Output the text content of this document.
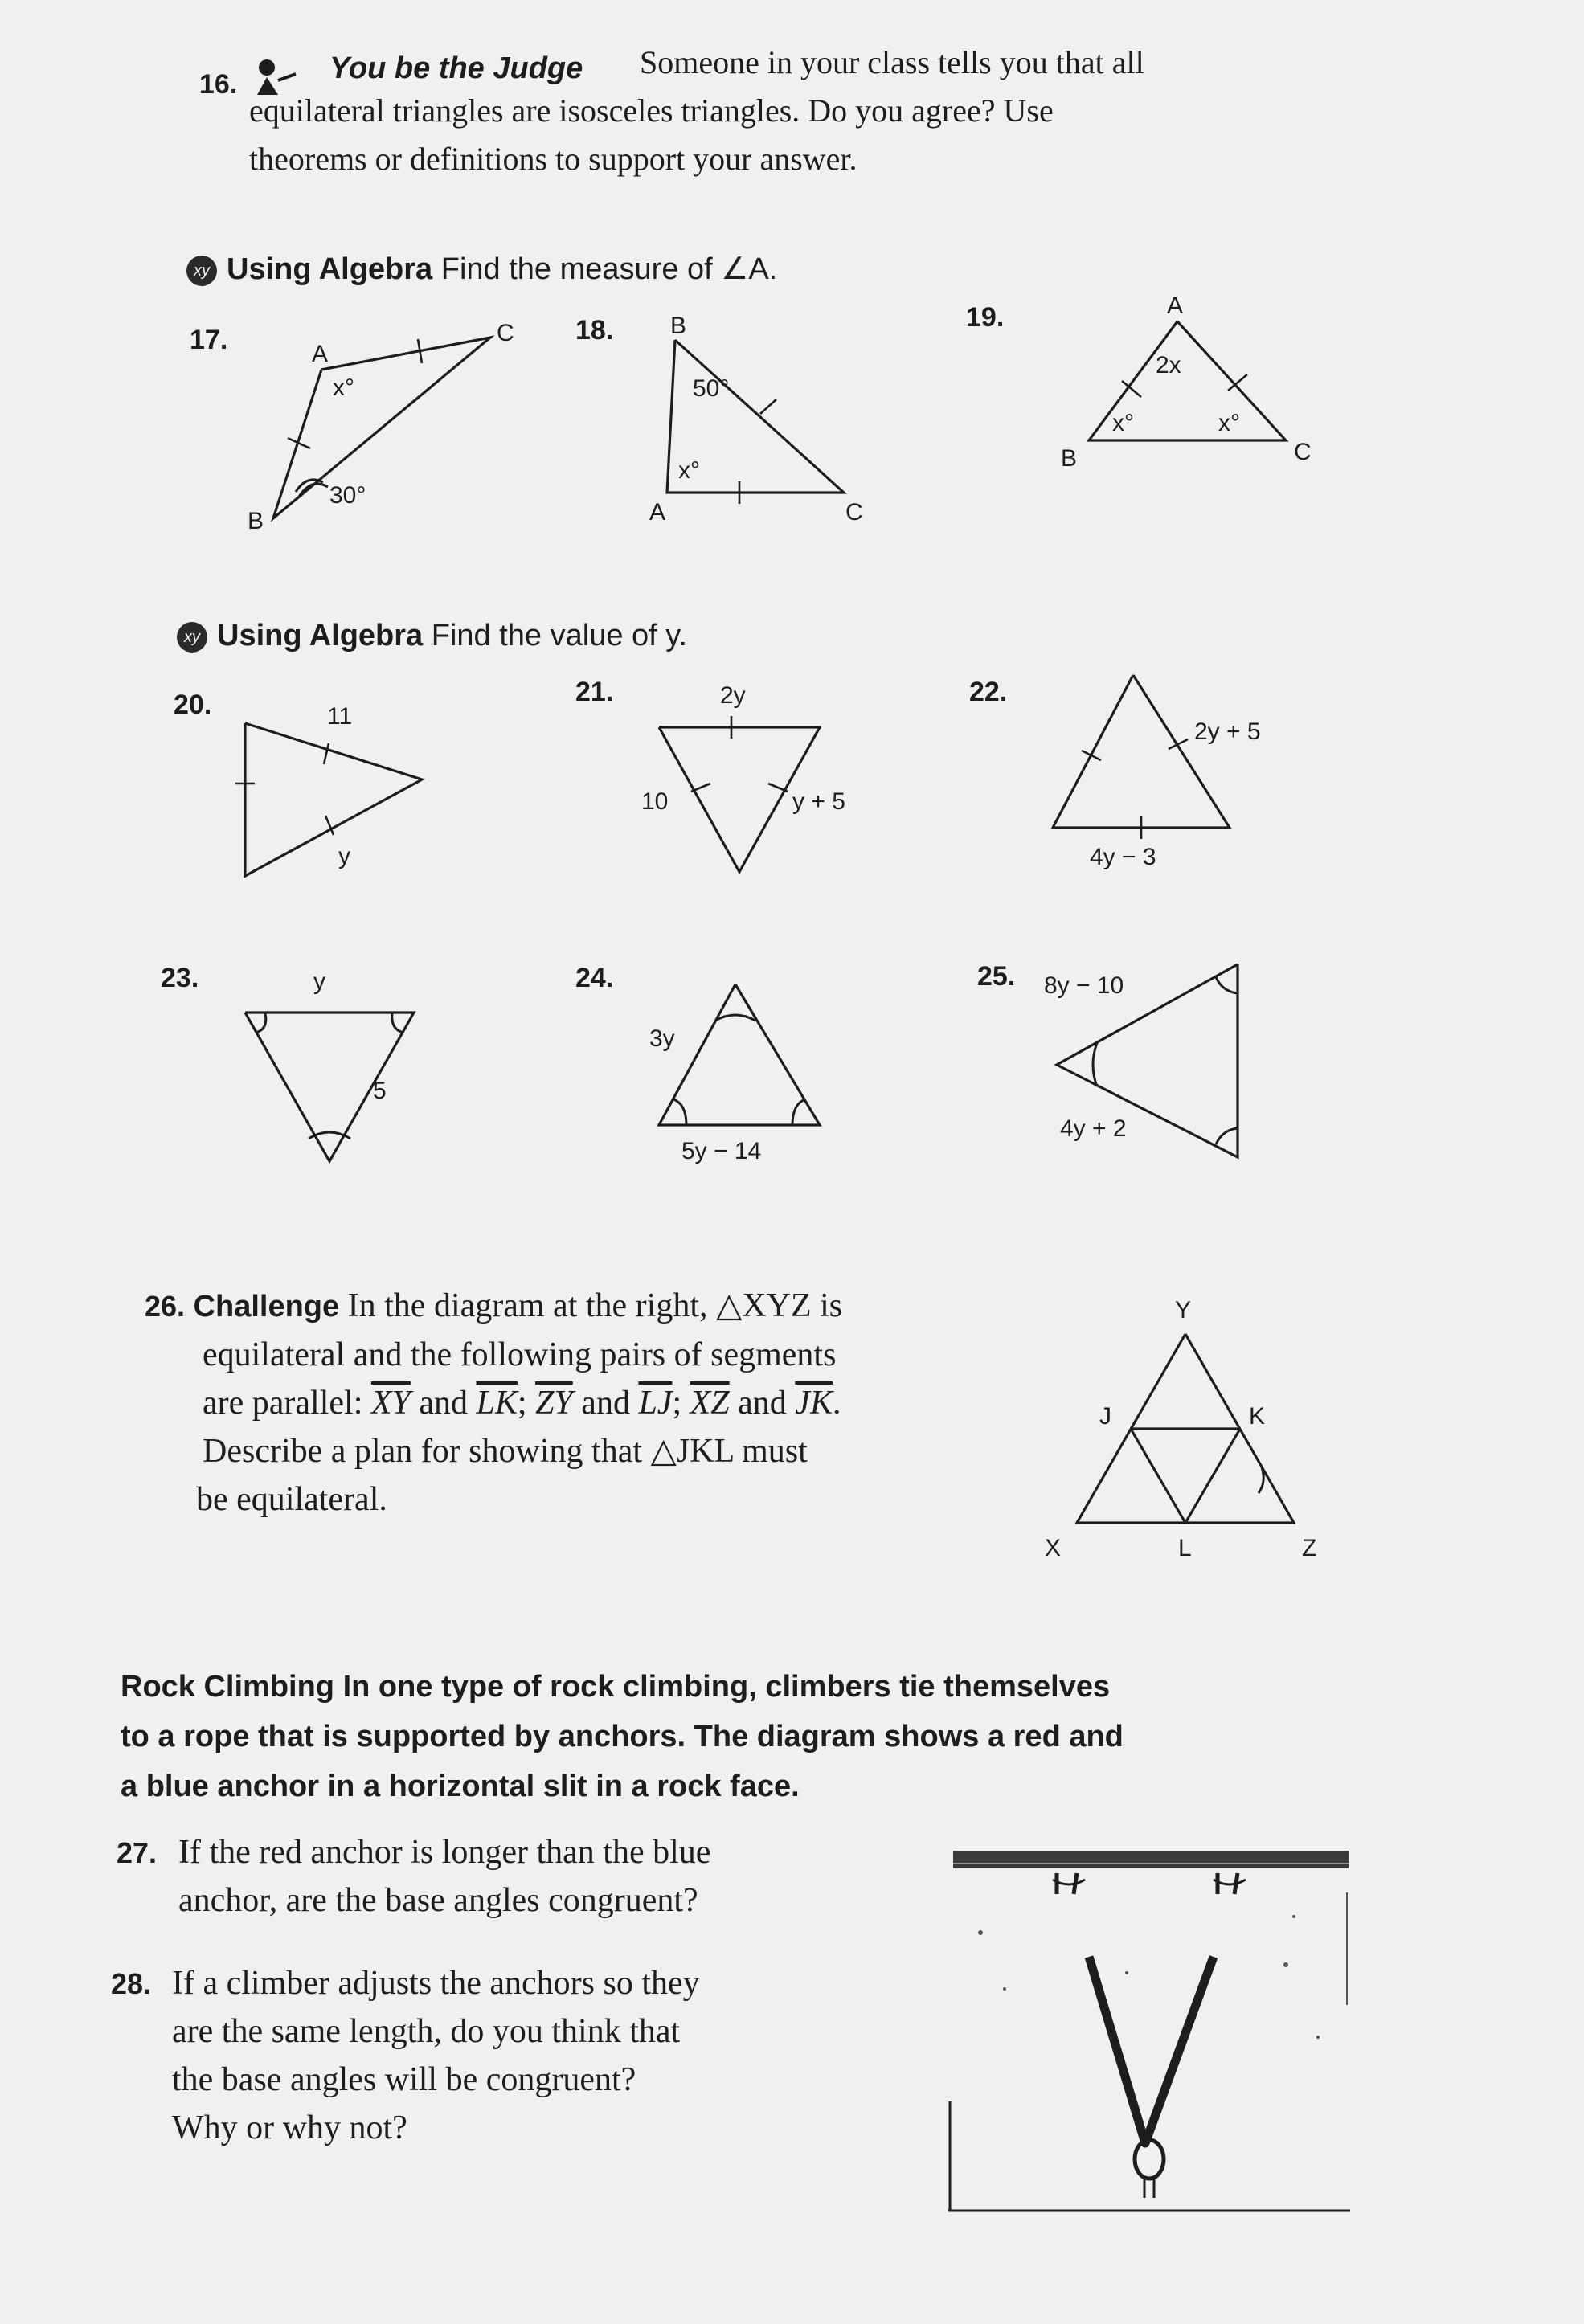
16.	You be the Judge	Someone in your class tells you that all
equilateral triangles are isosceles triangles. Do you agree? Use
theorems or definitions to support your answer.
xy Using Algebra Find the measure of ∠A.
17.	A
C
B
x°
30°
18. B
A	C
50°
x°
19.	A
B	C
2x
x°	x°
xy Using Algebra Find the value of y.
20.	11
y
21.	2y
10	y + 5
22.
2y + 5
4y − 3
23.	y
5
24.
3y
5y − 14
25. 8y − 10
4y + 2
26. Challenge In the diagram at the right, △XYZ is
equilateral and the following pairs of segments
are parallel: $\overline{XY}$ and $\overline{LK}$; $\overline{ZY}$ and $\overline{LJ}$; $\overline{XZ}$ and $\overline{JK}$.
Describe a plan for showing that △JKL must
be equilateral.
Y
J	K
X	L	Z
Rock Climbing In one type of rock climbing, climbers tie themselves
to a rope that is supported by anchors. The diagram shows a red and
a blue anchor in a horizontal slit in a rock face.
27. If the red anchor is longer than the blue
anchor, are the base angles congruent?
28. If a climber adjusts the anchors so they
are the same length, do you think that
the base angles will be congruent?
Why or why not?
